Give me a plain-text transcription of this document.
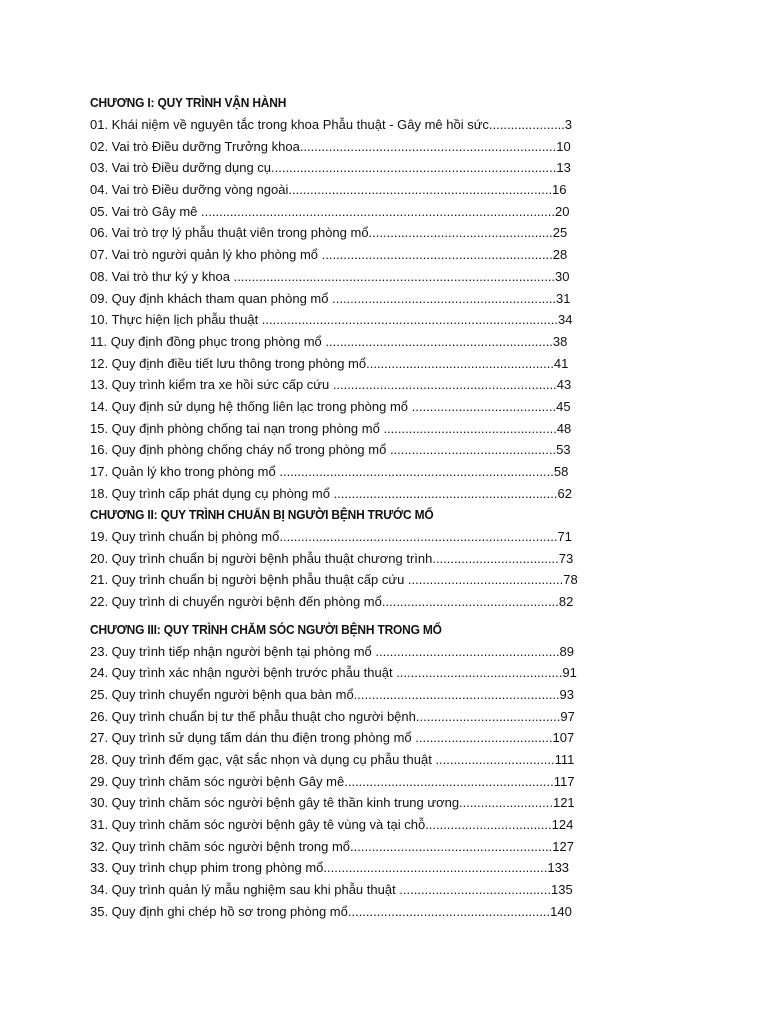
CHƯƠNG I: QUY TRÌNH VẬN HÀNH
01. Khái niệm về nguyên tắc trong khoa Phẫu thuật - Gây mê hồi sức.....................3
02. Vai trò Điều dưỡng Trưởng khoa.......................................................................10
03. Vai trò Điều dưỡng dụng cụ...............................................................................13
04. Vai trò Điều dưỡng vòng ngoài.........................................................................16
05. Vai trò Gây mê ..................................................................................................20
06. Vai trò trợ lý phẫu thuật viên trong phòng mổ...................................................25
07. Vai trò người quản lý kho phòng mổ ................................................................28
08. Vai trò thư ký y khoa .........................................................................................30
09. Quy định khách tham quan phòng mổ ..............................................................31
10. Thực hiện lịch phẫu thuật ..................................................................................34
11. Quy định đồng phục trong phòng mổ ...............................................................38
12. Quy định điều tiết lưu thông trong phòng mổ....................................................41
13. Quy trình kiểm tra xe hồi sức cấp cứu ..............................................................43
14. Quy định sử dụng hệ thống liên lạc trong phòng mổ ........................................45
15. Quy định phòng chống tai nạn trong phòng mổ ................................................48
16. Quy định phòng chống cháy nổ trong phòng mổ ..............................................53
17. Quản lý kho trong phòng mổ ............................................................................58
18. Quy trình cấp phát dụng cụ phòng mổ ..............................................................62
CHƯƠNG II: QUY TRÌNH CHUẨN BỊ NGƯỜI BỆNH TRƯỚC MỔ
19. Quy trình chuẩn bị phòng mổ.............................................................................71
20. Quy trình chuẩn bị người bệnh phẫu thuật chương trình...................................73
21. Quy trình chuẩn bị người bệnh phẫu thuật cấp cứu ...........................................78
22. Quy trình di chuyển người bệnh đến phòng mổ.................................................82
CHƯƠNG III: QUY TRÌNH CHĂM SÓC NGƯỜI BỆNH TRONG MỔ
23. Quy trình tiếp nhận người bệnh tại phòng mổ ...................................................89
24. Quy trình xác nhận người bệnh trước phẫu thuật ..............................................91
25. Quy trình chuyển người bệnh qua bàn mổ.........................................................93
26. Quy trình chuẩn bị tư thế phẫu thuật cho người bệnh........................................97
27. Quy trình sử dụng tấm dán thu điện trong phòng mổ ......................................107
28. Quy trình đếm gạc, vật sắc nhọn và dụng cụ phẫu thuật .................................111
29. Quy trình chăm sóc người bệnh Gây mê..........................................................117
30. Quy trình chăm sóc người bệnh gây tê thần kinh trung ương..........................121
31. Quy trình chăm sóc người bệnh gây tê vùng và tại chỗ...................................124
32. Quy trình chăm sóc người bệnh trong mổ........................................................127
33. Quy trình chụp phim trong phòng mổ..............................................................133
34. Quy trình quản lý mẫu nghiệm sau khi phẫu thuật ..........................................135
35. Quy định ghi chép hồ sơ trong phòng mổ........................................................140
